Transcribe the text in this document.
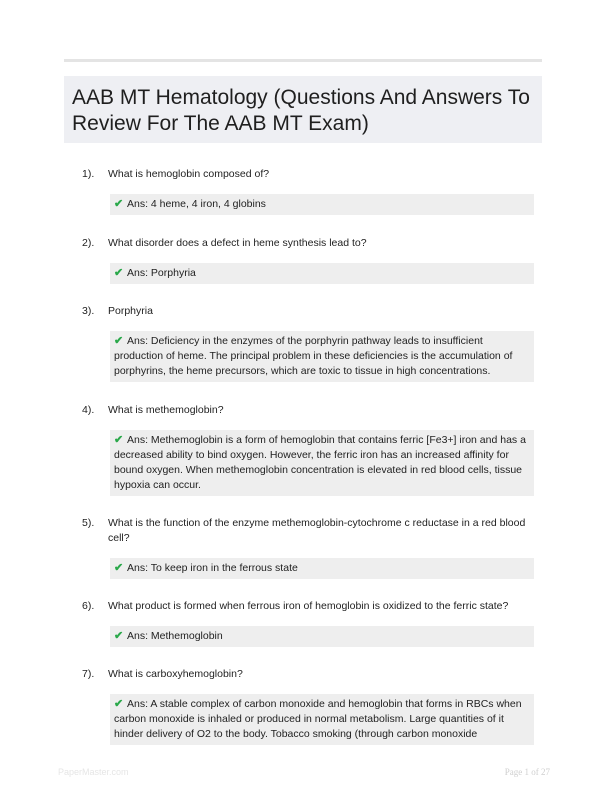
AAB MT Hematology (Questions And Answers To Review For The AAB MT Exam)
1).	What is hemoglobin composed of?
✔ Ans: 4 heme, 4 iron, 4 globins
2).	What disorder does a defect in heme synthesis lead to?
✔ Ans: Porphyria
3).	Porphyria
✔ Ans: Deficiency in the enzymes of the porphyrin pathway leads to insufficient production of heme. The principal problem in these deficiencies is the accumulation of porphyrins, the heme precursors, which are toxic to tissue in high concentrations.
4).	What is methemoglobin?
✔ Ans: Methemoglobin is a form of hemoglobin that contains ferric [Fe3+] iron and has a decreased ability to bind oxygen. However, the ferric iron has an increased affinity for bound oxygen. When methemoglobin concentration is elevated in red blood cells, tissue hypoxia can occur.
5).	What is the function of the enzyme methemoglobin-cytochrome c reductase in a red blood cell?
✔ Ans: To keep iron in the ferrous state
6).	What product is formed when ferrous iron of hemoglobin is oxidized to the ferric state?
✔ Ans: Methemoglobin
7).	What is carboxyhemoglobin?
✔ Ans: A stable complex of carbon monoxide and hemoglobin that forms in RBCs when carbon monoxide is inhaled or produced in normal metabolism. Large quantities of it hinder delivery of O2 to the body. Tobacco smoking (through carbon monoxide
PaperMaster.com	Page 1 of 27
